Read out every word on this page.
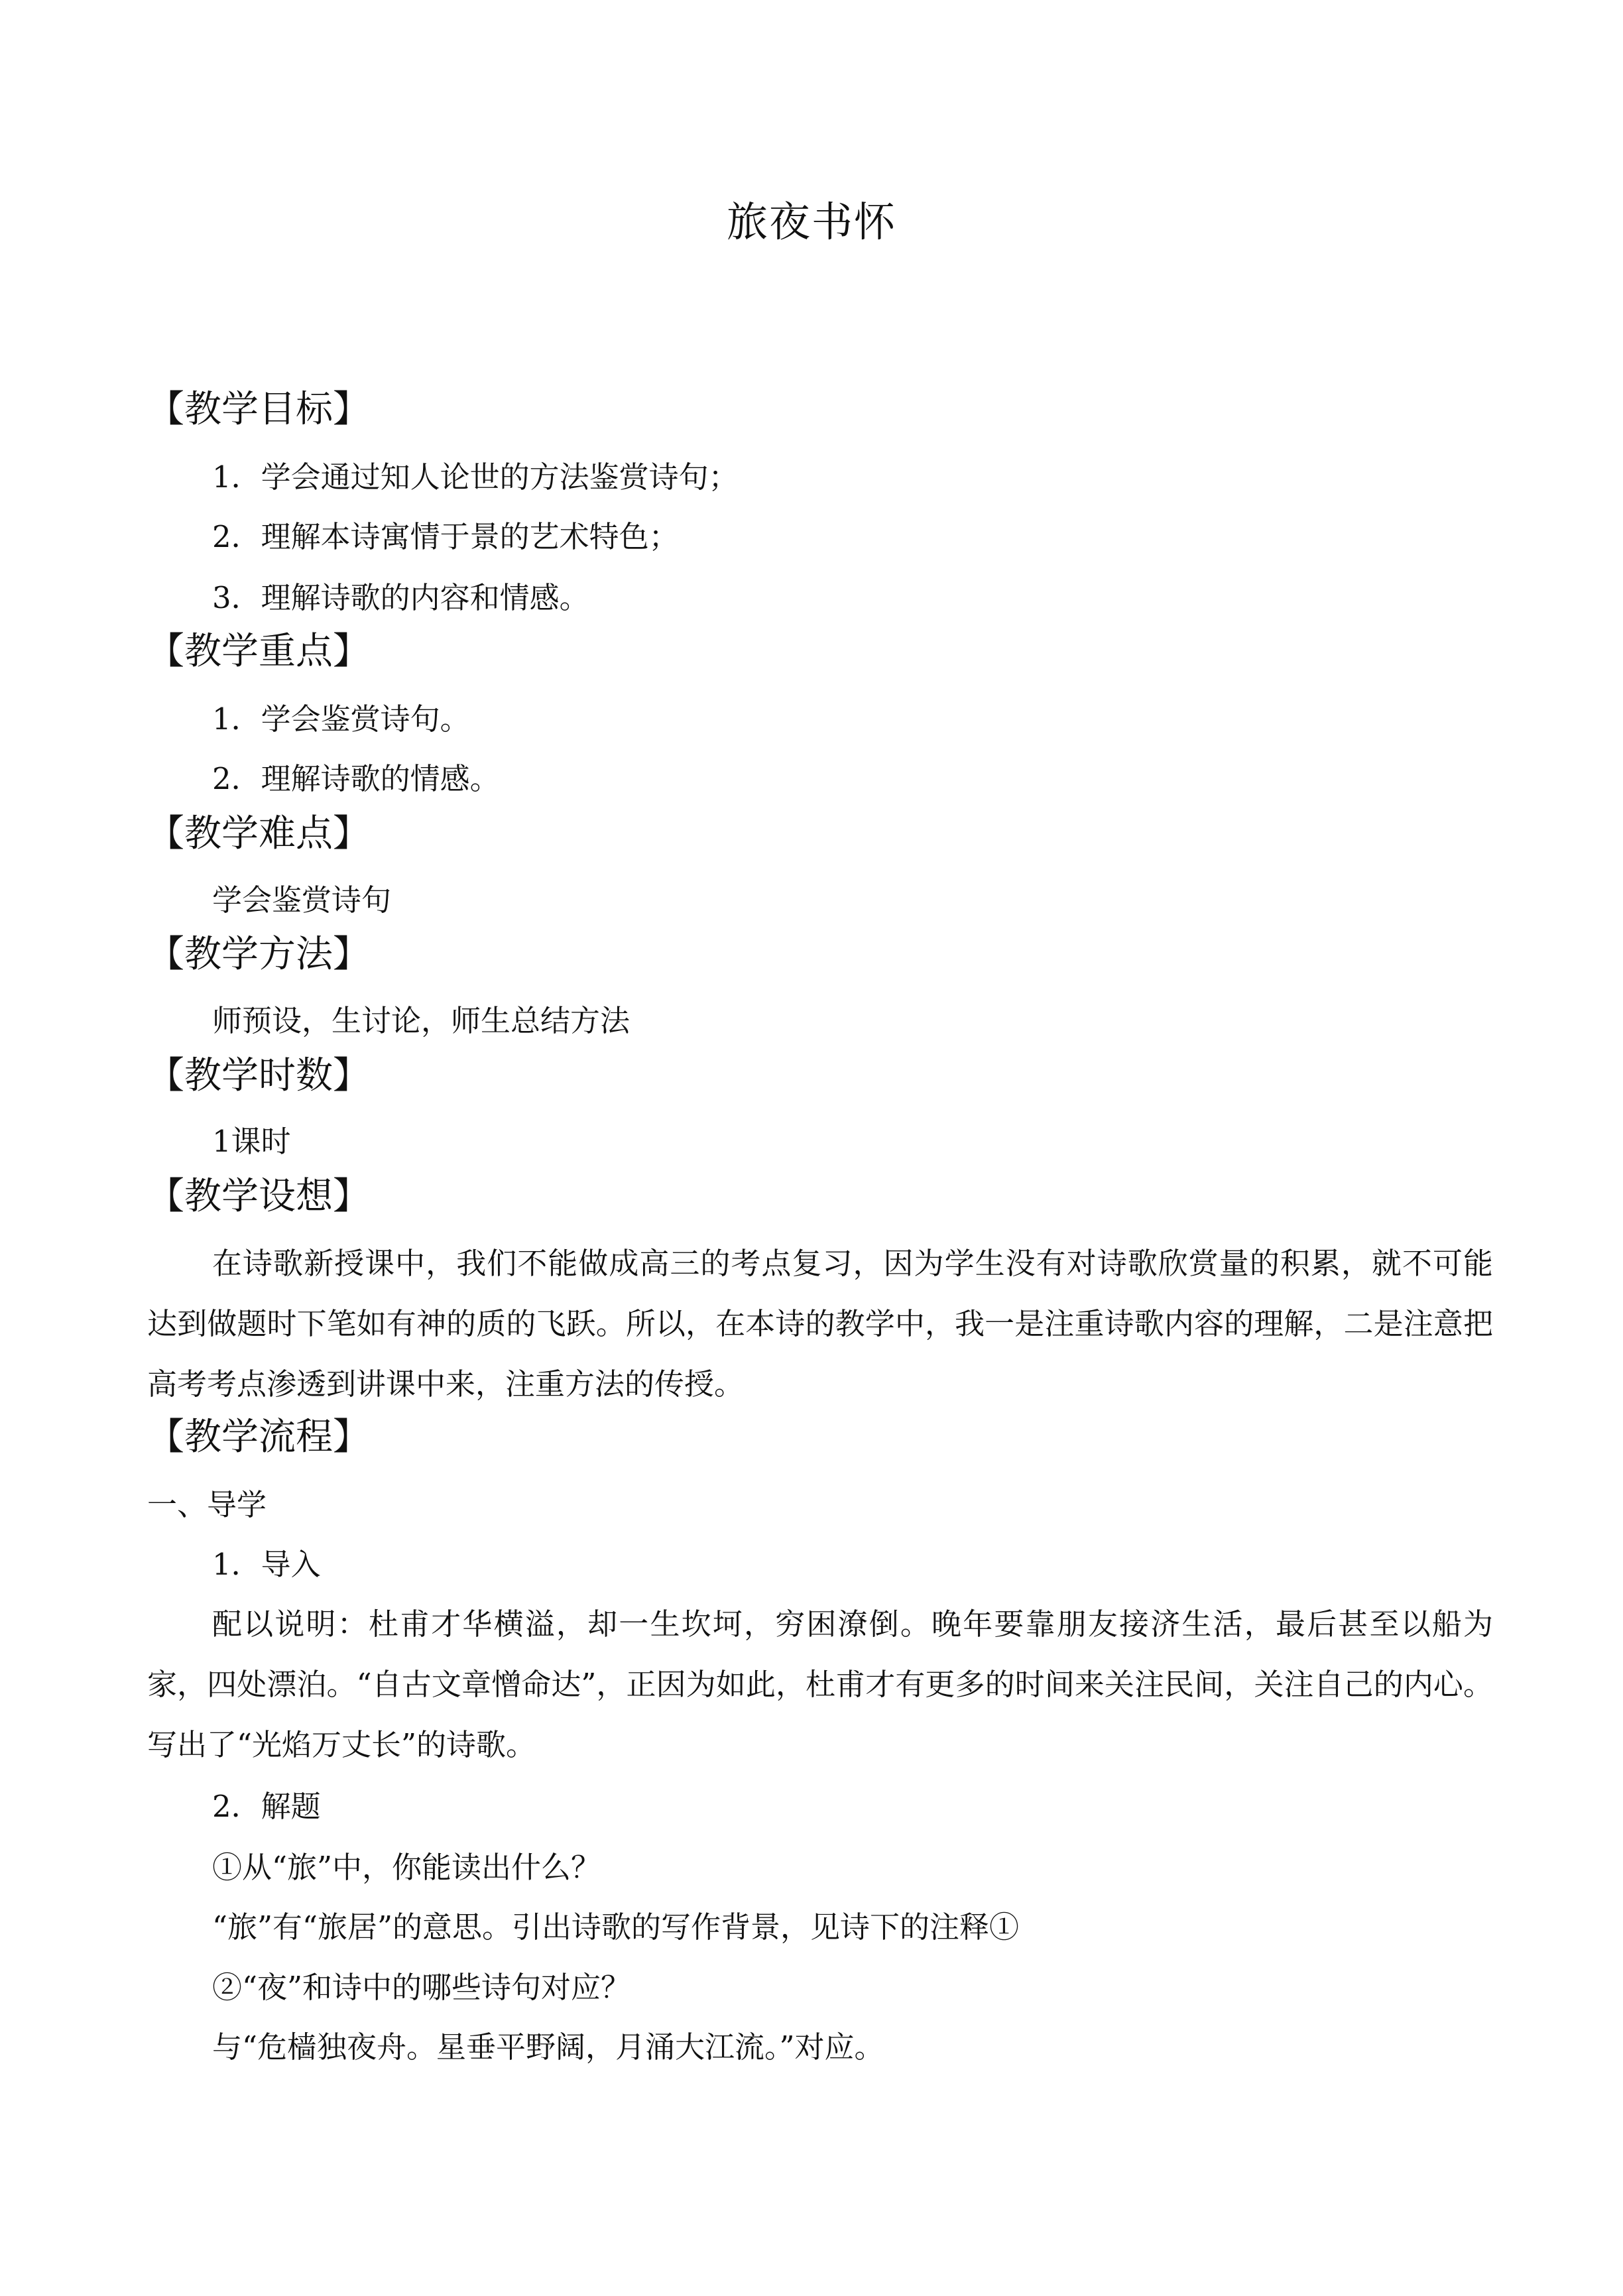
旅夜书怀
【教学目标】
1．学会通过知人论世的方法鉴赏诗句；
2．理解本诗寓情于景的艺术特色；
3．理解诗歌的内容和情感。
【教学重点】
1．学会鉴赏诗句。
2．理解诗歌的情感。
【教学难点】
学会鉴赏诗句
【教学方法】
师预设，生讨论，师生总结方法
【教学时数】
1课时
【教学设想】
在诗歌新授课中，我们不能做成高三的考点复习，因为学生没有对诗歌欣赏量的积累，就不可能达到做题时下笔如有神的质的飞跃。所以，在本诗的教学中，我一是注重诗歌内容的理解，二是注意把高考考点渗透到讲课中来，注重方法的传授。
【教学流程】
一、导学
1．导入
配以说明：杜甫才华横溢，却一生坎坷，穷困潦倒。晚年要靠朋友接济生活，最后甚至以船为家，四处漂泊。“自古文章憎命达”，正因为如此，杜甫才有更多的时间来关注民间，关注自己的内心。写出了“光焰万丈长”的诗歌。
2．解题
①从“旅”中，你能读出什么？
“旅”有“旅居”的意思。引出诗歌的写作背景，见诗下的注释①
②“夜”和诗中的哪些诗句对应？
与“危樯独夜舟。星垂平野阔，月涌大江流。”对应。
